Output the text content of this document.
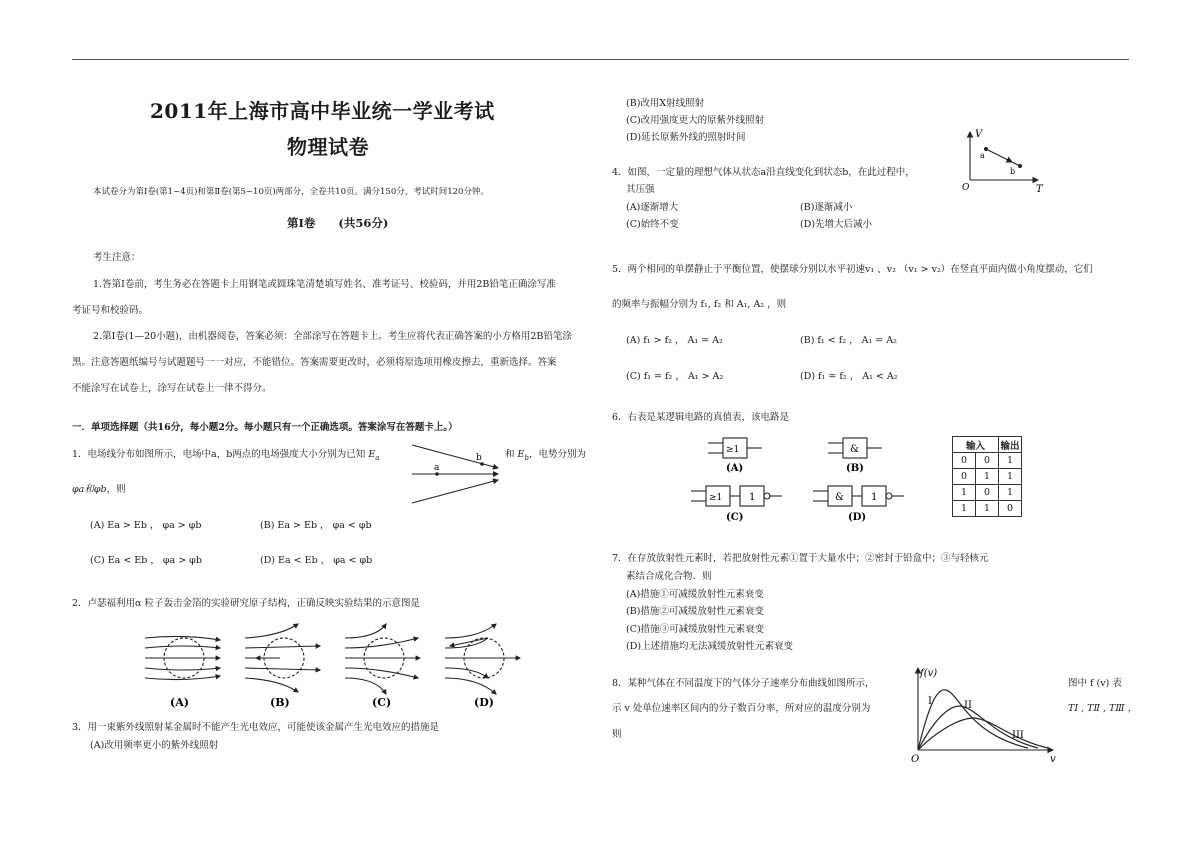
2011年上海市高中毕业统一学业考试
物理试卷
本试卷分为第Ⅰ卷(第1~4页)和第Ⅱ卷(第5~10页)两部分，全卷共10页。满分150分，考试时间120分钟。
第Ⅰ卷　　(共56分)
考生注意：
1.答第Ⅰ卷前，考生务必在答题卡上用钢笔或圆珠笔清楚填写姓名、准考证号、校验码，并用2B铅笔正确涂写准
考证号和校验码。
2.第Ⅰ卷(1—20小题)，由机器阅卷，答案必须：全部涂写在答题卡上。考生应将代表正确答案的小方格用2B铅笔涂
黑。注意答题纸编号与试题题号一一对应，不能错位。答案需要更改时，必须将原选项用橡皮擦去，重新选择。答案
不能涂写在试卷上，涂写在试卷上一律不得分。
一．单项选择题（共16分，每小题2分。每小题只有一个正确选项。答案涂写在答题卡上。）
1．电场线分布如图所示，电场中a，b两点的电场强度大小分别为已知 $E_a$	和 $E_b$，电势分别为
φa和φb，则
a
b
(A) Ea > Eb ， φa > φb	(B) Ea > Eb ， φa < φb
(C) Ea < Eb ， φa > φb	(D) Ea < Eb ， φa < φb
2．卢瑟福利用α 粒子轰击金箔的实验研究原子结构，正确反映实验结果的示意图是
(A)	(B)	(C)	(D)
3．用一束紫外线照射某金属时不能产生光电效应，可能使该金属产生光电效应的措施是
(A)改用频率更小的紫外线照射
(B)改用X射线照射
(C)改用强度更大的原紫外线照射
(D)延长原紫外线的照射时间
4．如图，一定量的理想气体从状态a沿直线变化到状态b，在此过程中，
其压强
(A)逐渐增大	(B)逐渐减小
(C)始终不变	(D)先增大后减小
V
T
O
a
b
5．两个相同的单摆静止于平衡位置，使摆球分别以水平初速v₁ 、v₂ （v₁ > v₂）在竖直平面内做小角度摆动，它们
的频率与振幅分别为 f₁, f₂ 和 A₁, A₂ ，则
(A) f₁ > f₂ ， A₁ = A₂	(B) f₁ < f₂ ， A₁ = A₂
(C) f₁ = f₂ ， A₁ > A₂	(D) f₁ = f₂ ， A₁ < A₂
6．右表是某逻辑电路的真值表，该电路是
≥1	&
≥1	1	&	1
(A)	(B)
(C)	(D)
输入		输出
0	0	1
0	1	1
1	0	1
1	1	0
7．在存放放射性元素时，若把放射性元素①置于大量水中；②密封于铅盒中；③与轻核元
素结合成化合物．则
(A)措施①可减缓放射性元素衰变
(B)措施②可减缓放射性元素衰变
(C)措施③可减缓放射性元素衰变
(D)上述措施均无法减缓放射性元素衰变
8．某种气体在不同温度下的气体分子速率分布曲线如图所示，	图中 f (v) 表
示 v 处单位速率区间内的分子数百分率，所对应的温度分别为	TⅠ , TⅡ , TⅢ ，
则
f(v)
I	II
III
O	v
